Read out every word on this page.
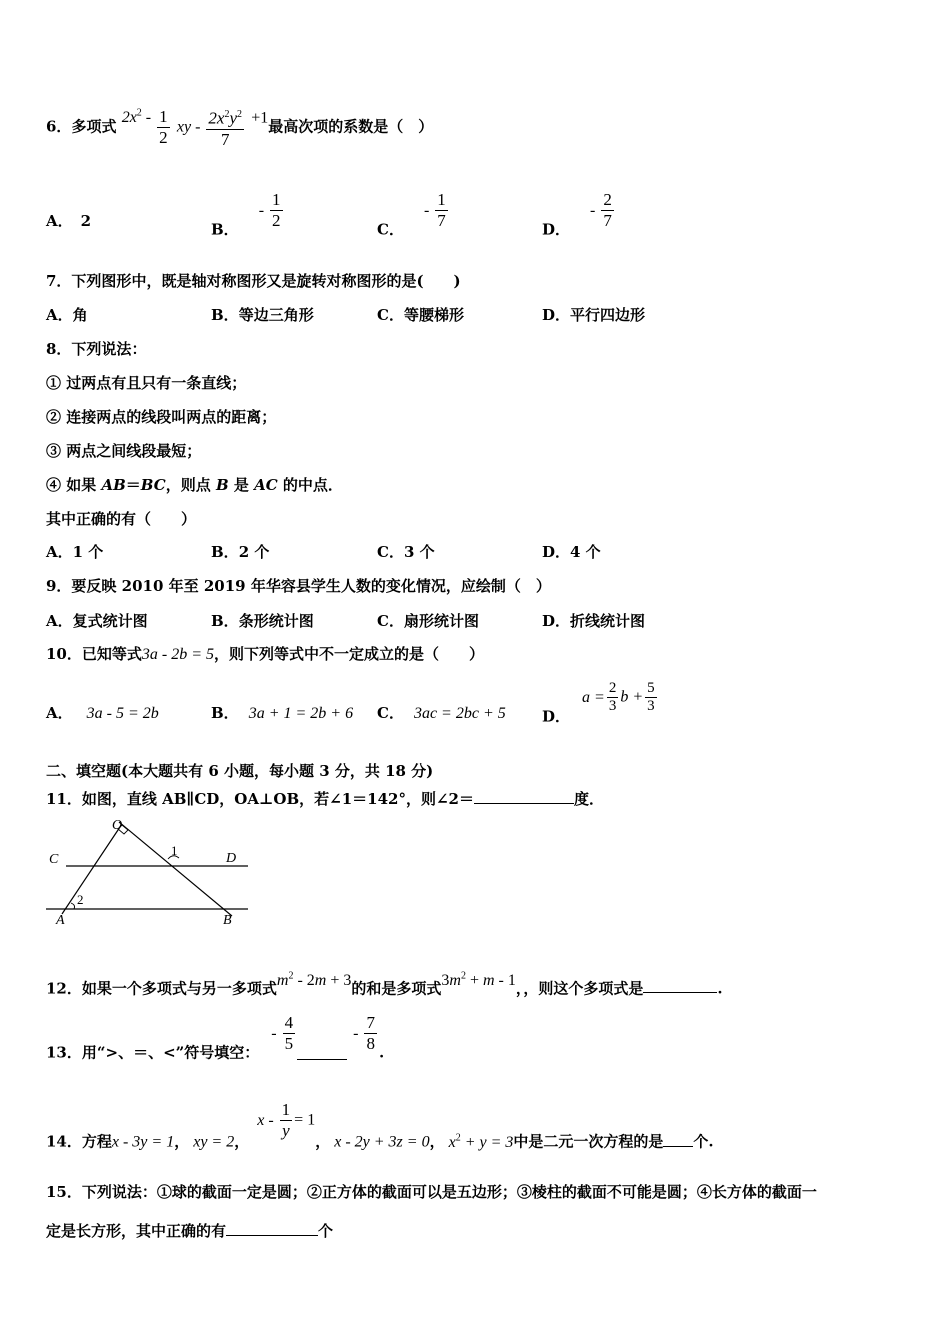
6．多项式 $2x^2 - \frac{1}{2}$ xy - $\frac{2x^2y^2}{7} +1$最高次项的系数是（　）
A． 2	B．- $\frac{1}{2}$	C．- $\frac{1}{7}$	D．- $\frac{2}{7}$
7．下列图形中，既是轴对称图形又是旋转对称图形的是(　　)
A．角	B．等边三角形	C．等腰梯形	D．平行四边形
8．下列说法：
① 过两点有且只有一条直线；
② 连接两点的线段叫两点的距离；
③ 两点之间线段最短；
④ 如果 AB＝BC，则点 B 是 AC 的中点．
其中正确的有（　　）
A．1 个	B．2 个	C．3 个	D．4 个
9．要反映 2010 年至 2019 年华容县学生人数的变化情况，应绘制（　）
A．复式统计图	B．条形统计图	C．扇形统计图	D．折线统计图
10．已知等式3a - 2b = 5，则下列等式中不一定成立的是（　　）
A． 3a - 5 = 2b	B． 3a + 1 = 2b + 6 C． 3ac = 2bc + 5 D．$a = \frac{2}{3}$ $b + \frac{5}{3}$
二、填空题(本大题共有 6 小题，每小题 3 分，共 18 分)
11．如图，直线 AB∥CD，OA⊥OB，若∠1＝142°，则∠2＝	度．
O
C	D
A	B
1
2
12．如果一个多项式与另一多项式$m^2 - 2m + 3$的和是多项式$3m^2 + m - 1$，，则这个多项式是	.
13．用“>、＝、<”符号填空：- $\frac{4}{5}$	- $\frac{7}{8}$ .
14．方程x - 3y = 1， xy = 2，$x - \frac{1}{y} = 1$， x - 2y + 3z = 0， $x^2 + y = 3$中是二元一次方程的是 个.
15．下列说法：①球的截面一定是圆；②正方体的截面可以是五边形；③棱柱的截面不可能是圆；④长方体的截面一
定是长方形，其中正确的有	个
